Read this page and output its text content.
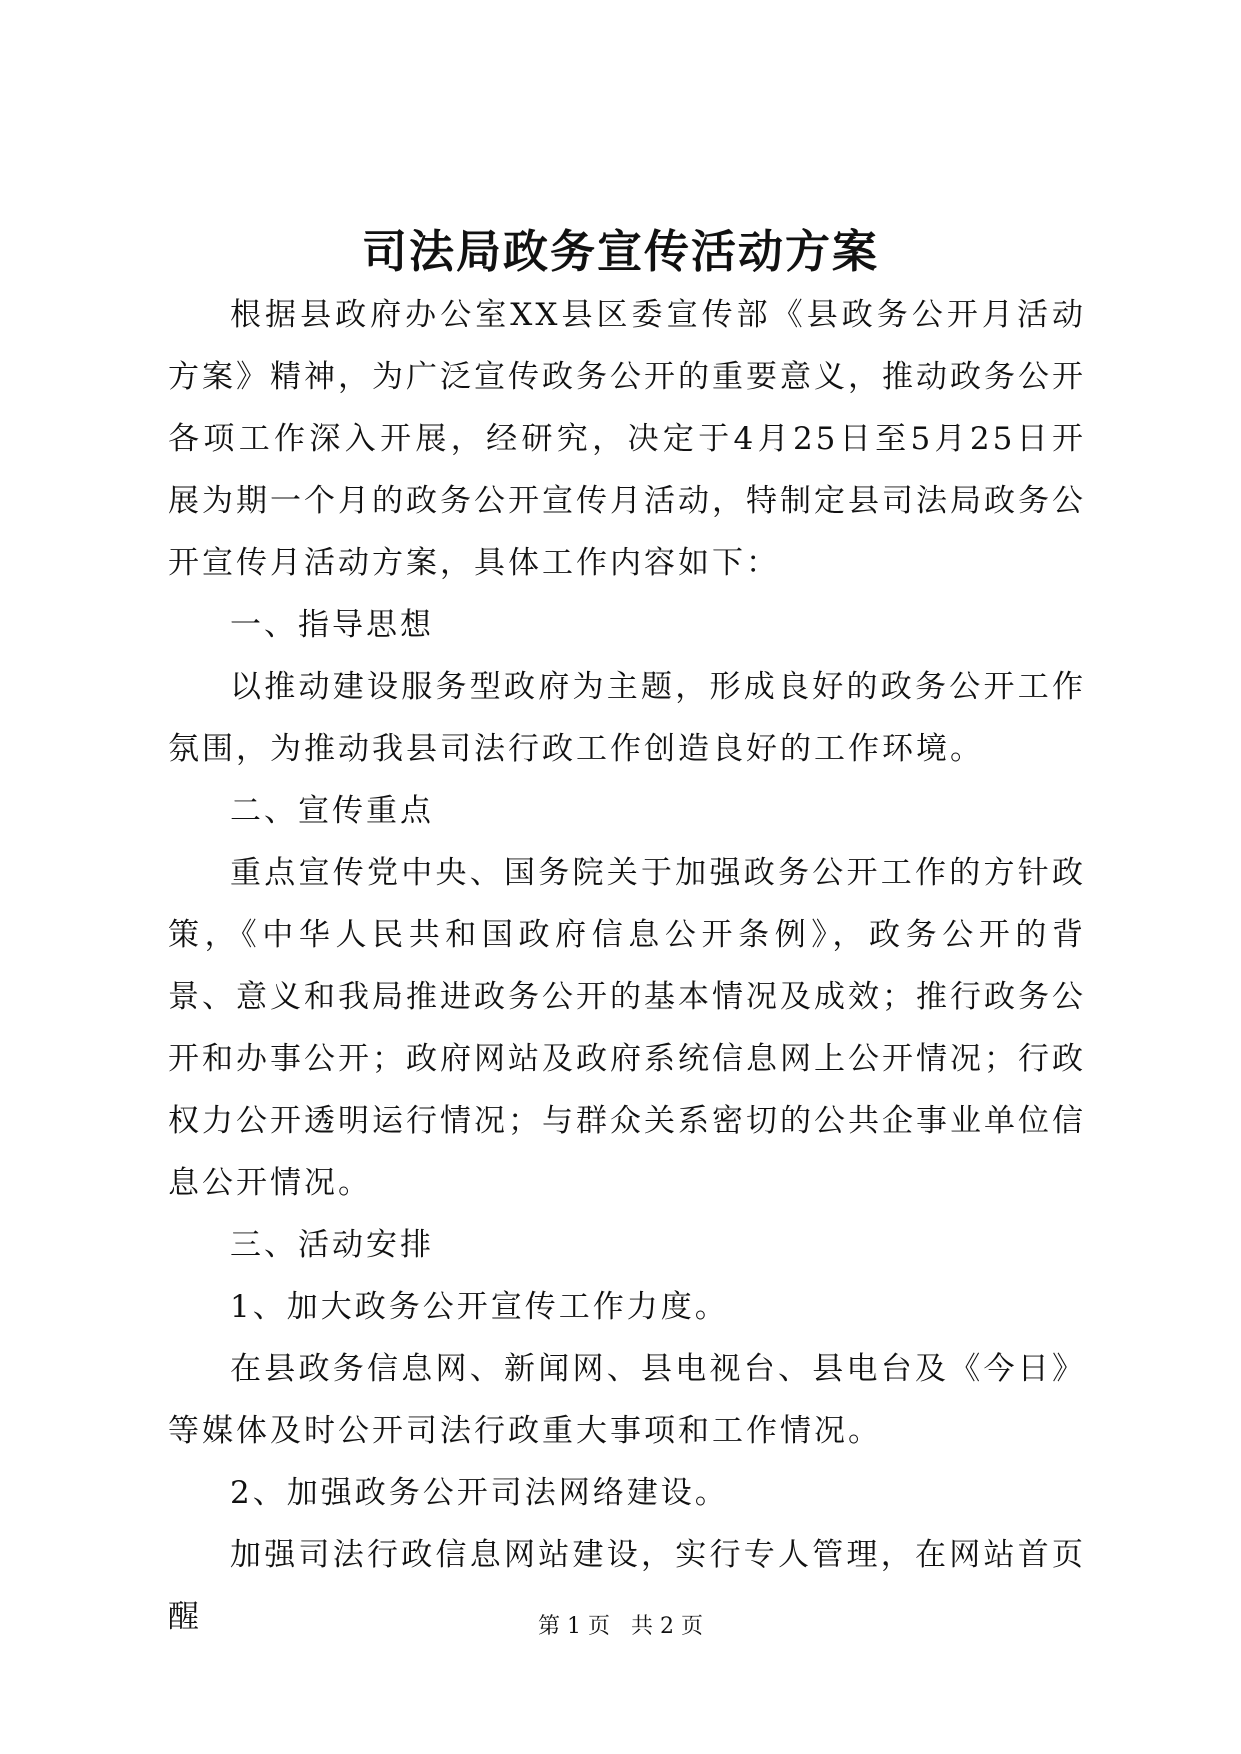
司法局政务宣传活动方案

根据县政府办公室XX县区委宣传部《县政务公开月活动方案》精神，为广泛宣传政务公开的重要意义，推动政务公开各项工作深入开展，经研究，决定于4月25日至5月25日开展为期一个月的政务公开宣传月活动，特制定县司法局政务公开宣传月活动方案，具体工作内容如下：

一、指导思想

以推动建设服务型政府为主题，形成良好的政务公开工作氛围，为推动我县司法行政工作创造良好的工作环境。

二、宣传重点

重点宣传党中央、国务院关于加强政务公开工作的方针政策，《中华人民共和国政府信息公开条例》，政务公开的背景、意义和我局推进政务公开的基本情况及成效；推行政务公开和办事公开；政府网站及政府系统信息网上公开情况；行政权力公开透明运行情况；与群众关系密切的公共企事业单位信息公开情况。

三、活动安排

1、加大政务公开宣传工作力度。

在县政务信息网、新闻网、县电视台、县电台及《今日》等媒体及时公开司法行政重大事项和工作情况。

2、加强政务公开司法网络建设。

加强司法行政信息网站建设，实行专人管理，在网站首页醒	第 1 页   共 2 页
